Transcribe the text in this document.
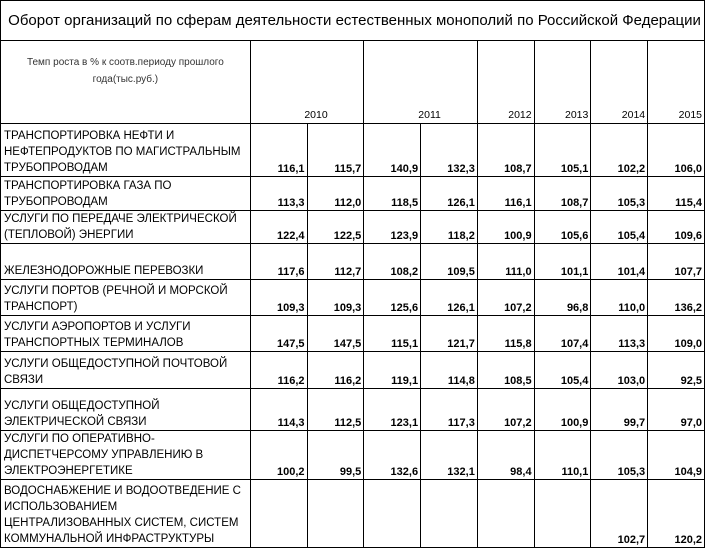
Оборот организаций по сферам деятельности естественных монополий по Российской Федерации								
Темп роста в % к соотв.периоду прошлого года(тыс.руб.)	2010		2011		2012	2013	2014	2015
ТРАНСПОРТИРОВКА НЕФТИ И НЕФТЕПРОДУКТОВ ПО МАГИСТРАЛЬНЫМ ТРУБОПРОВОДАМ	116,1	115,7	140,9	132,3	108,7	105,1	102,2	106,0
ТРАНСПОРТИРОВКА ГАЗА ПО ТРУБОПРОВОДАМ	113,3	112,0	118,5	126,1	116,1	108,7	105,3	115,4
УСЛУГИ ПО ПЕРЕДАЧЕ ЭЛЕКТРИЧЕСКОЙ (ТЕПЛОВОЙ) ЭНЕРГИИ	122,4	122,5	123,9	118,2	100,9	105,6	105,4	109,6
ЖЕЛЕЗНОДОРОЖНЫЕ ПЕРЕВОЗКИ	117,6	112,7	108,2	109,5	111,0	101,1	101,4	107,7
УСЛУГИ ПОРТОВ (РЕЧНОЙ И МОРСКОЙ ТРАНСПОРТ)	109,3	109,3	125,6	126,1	107,2	96,8	110,0	136,2
УСЛУГИ АЭРОПОРТОВ И УСЛУГИ ТРАНСПОРТНЫХ ТЕРМИНАЛОВ	147,5	147,5	115,1	121,7	115,8	107,4	113,3	109,0
УСЛУГИ ОБЩЕДОСТУПНОЙ ПОЧТОВОЙ СВЯЗИ	116,2	116,2	119,1	114,8	108,5	105,4	103,0	92,5
УСЛУГИ ОБЩЕДОСТУПНОЙ ЭЛЕКТРИЧЕСКОЙ СВЯЗИ	114,3	112,5	123,1	117,3	107,2	100,9	99,7	97,0
УСЛУГИ ПО ОПЕРАТИВНО-ДИСПЕТЧЕРСОМУ УПРАВЛЕНИЮ В ЭЛЕКТРОЭНЕРГЕТИКЕ	100,2	99,5	132,6	132,1	98,4	110,1	105,3	104,9
ВОДОСНАБЖЕНИЕ И ВОДООТВЕДЕНИЕ С ИСПОЛЬЗОВАНИЕМ ЦЕНТРАЛИЗОВАННЫХ СИСТЕМ, СИСТЕМ КОММУНАЛЬНОЙ ИНФРАСТРУКТУРЫ							102,7	120,2
